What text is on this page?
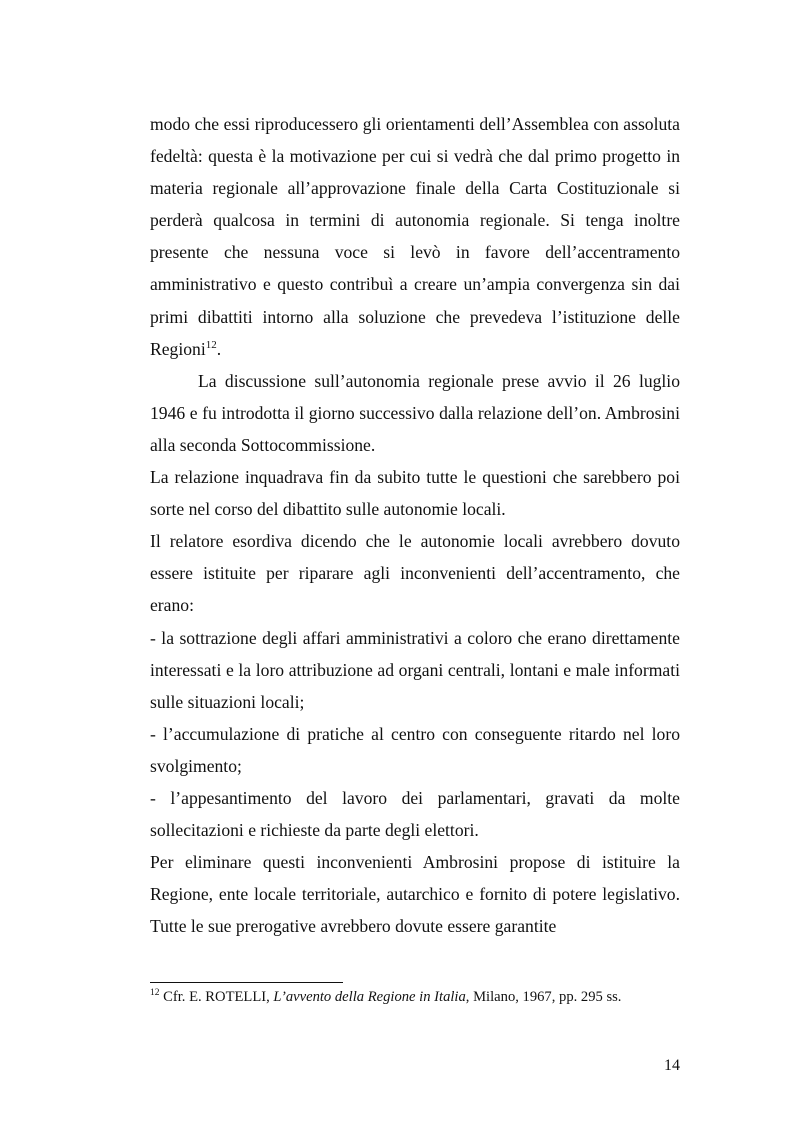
modo che essi riproducessero gli orientamenti dell’Assemblea con assoluta fedeltà: questa è la motivazione per cui si vedrà che dal primo progetto in materia regionale all’approvazione finale della Carta Costituzionale si perderà qualcosa in termini di autonomia regionale. Si tenga inoltre presente che nessuna voce si levò in favore dell’accentramento amministrativo e questo contribuì a creare un’ampia convergenza sin dai primi dibattiti intorno alla soluzione che prevedeva l’istituzione delle Regioni$^{12}$.

La discussione sull’autonomia regionale prese avvio il 26 luglio 1946 e fu introdotta il giorno successivo dalla relazione dell’on. Ambrosini alla seconda Sottocommissione.

La relazione inquadrava fin da subito tutte le questioni che sarebbero poi sorte nel corso del dibattito sulle autonomie locali.

Il relatore esordiva dicendo che le autonomie locali avrebbero dovuto essere istituite per riparare agli inconvenienti dell’accentramento, che erano:

- la sottrazione degli affari amministrativi a coloro che erano direttamente interessati e la loro attribuzione ad organi centrali, lontani e male informati sulle situazioni locali;

- l’accumulazione di pratiche al centro con conseguente ritardo nel loro svolgimento;

- l’appesantimento del lavoro dei parlamentari, gravati da molte sollecitazioni e richieste da parte degli elettori.

Per eliminare questi inconvenienti Ambrosini propose di istituire la Regione, ente locale territoriale, autarchico e fornito di potere legislativo. Tutte le sue prerogative avrebbero dovute essere garantite

$^{12}$ Cfr. E. ROTELLI, L’avvento della Regione in Italia, Milano, 1967, pp. 295 ss.
14
